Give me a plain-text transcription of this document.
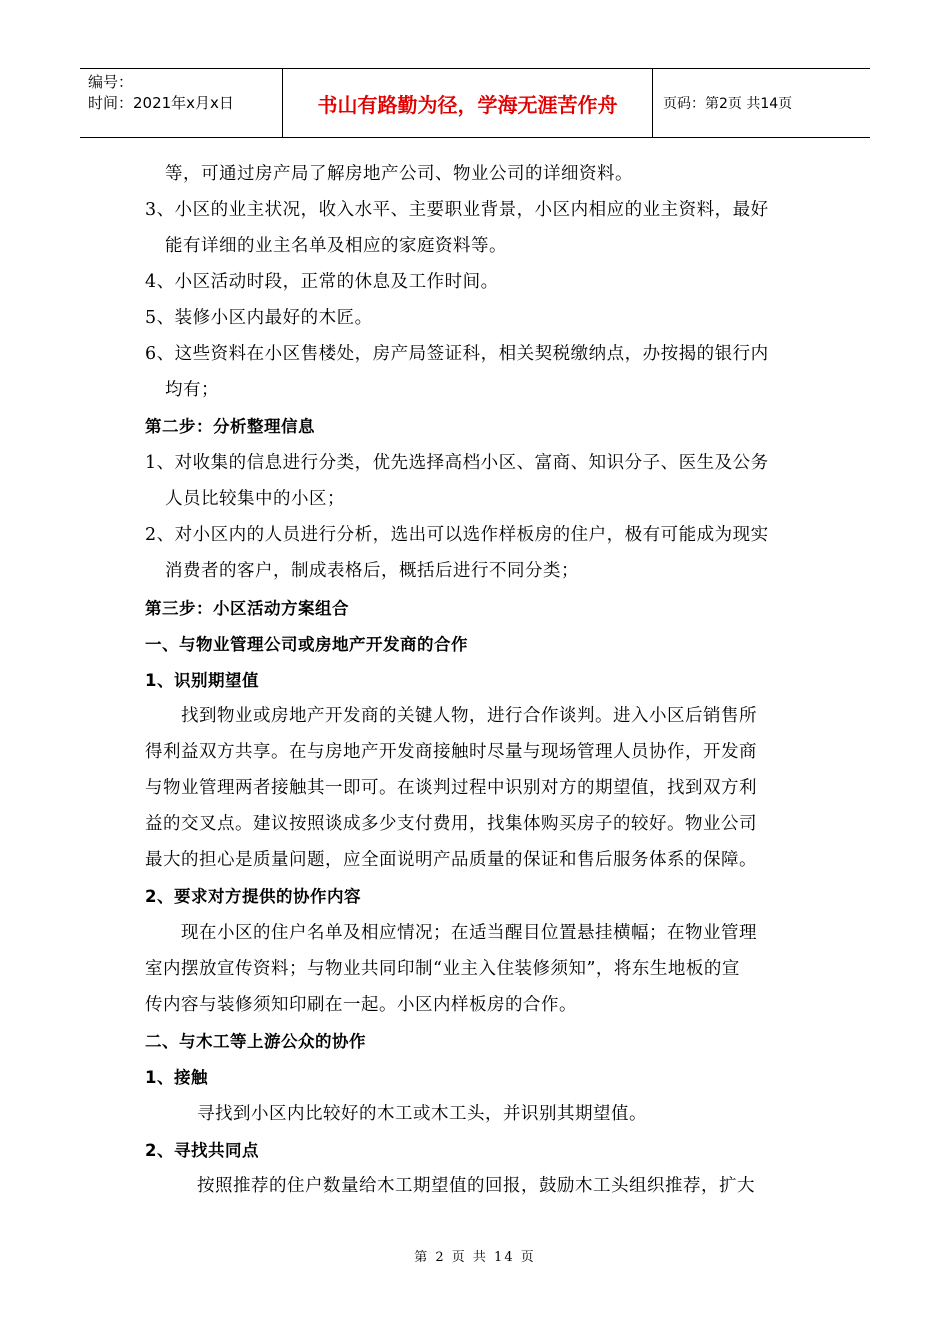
编号：
时间：2021年x月x日	书山有路勤为径，学海无涯苦作舟	页码：第2页 共14页
等，可通过房产局了解房地产公司、物业公司的详细资料。
3、小区的业主状况，收入水平、主要职业背景，小区内相应的业主资料，最好
能有详细的业主名单及相应的家庭资料等。
4、小区活动时段，正常的休息及工作时间。
5、装修小区内最好的木匠。
6、这些资料在小区售楼处，房产局签证科，相关契税缴纳点，办按揭的银行内
均有；
第二步：分析整理信息
1、对收集的信息进行分类，优先选择高档小区、富商、知识分子、医生及公务
人员比较集中的小区；
2、对小区内的人员进行分析，选出可以选作样板房的住户，极有可能成为现实
消费者的客户，制成表格后，概括后进行不同分类；
第三步：小区活动方案组合
一、与物业管理公司或房地产开发商的合作
1、识别期望值
找到物业或房地产开发商的关键人物，进行合作谈判。进入小区后销售所
得利益双方共享。在与房地产开发商接触时尽量与现场管理人员协作，开发商
与物业管理两者接触其一即可。在谈判过程中识别对方的期望值，找到双方利
益的交叉点。建议按照谈成多少支付费用，找集体购买房子的较好。物业公司
最大的担心是质量问题，应全面说明产品质量的保证和售后服务体系的保障。
2、要求对方提供的协作内容
现在小区的住户名单及相应情况；在适当醒目位置悬挂横幅；在物业管理
室内摆放宣传资料；与物业共同印制“业主入住装修须知”，将东生地板的宣
传内容与装修须知印刷在一起。小区内样板房的合作。
二、与木工等上游公众的协作
1、接触
寻找到小区内比较好的木工或木工头，并识别其期望值。
2、寻找共同点
按照推荐的住户数量给木工期望值的回报，鼓励木工头组织推荐，扩大
第 2 页 共 14 页
